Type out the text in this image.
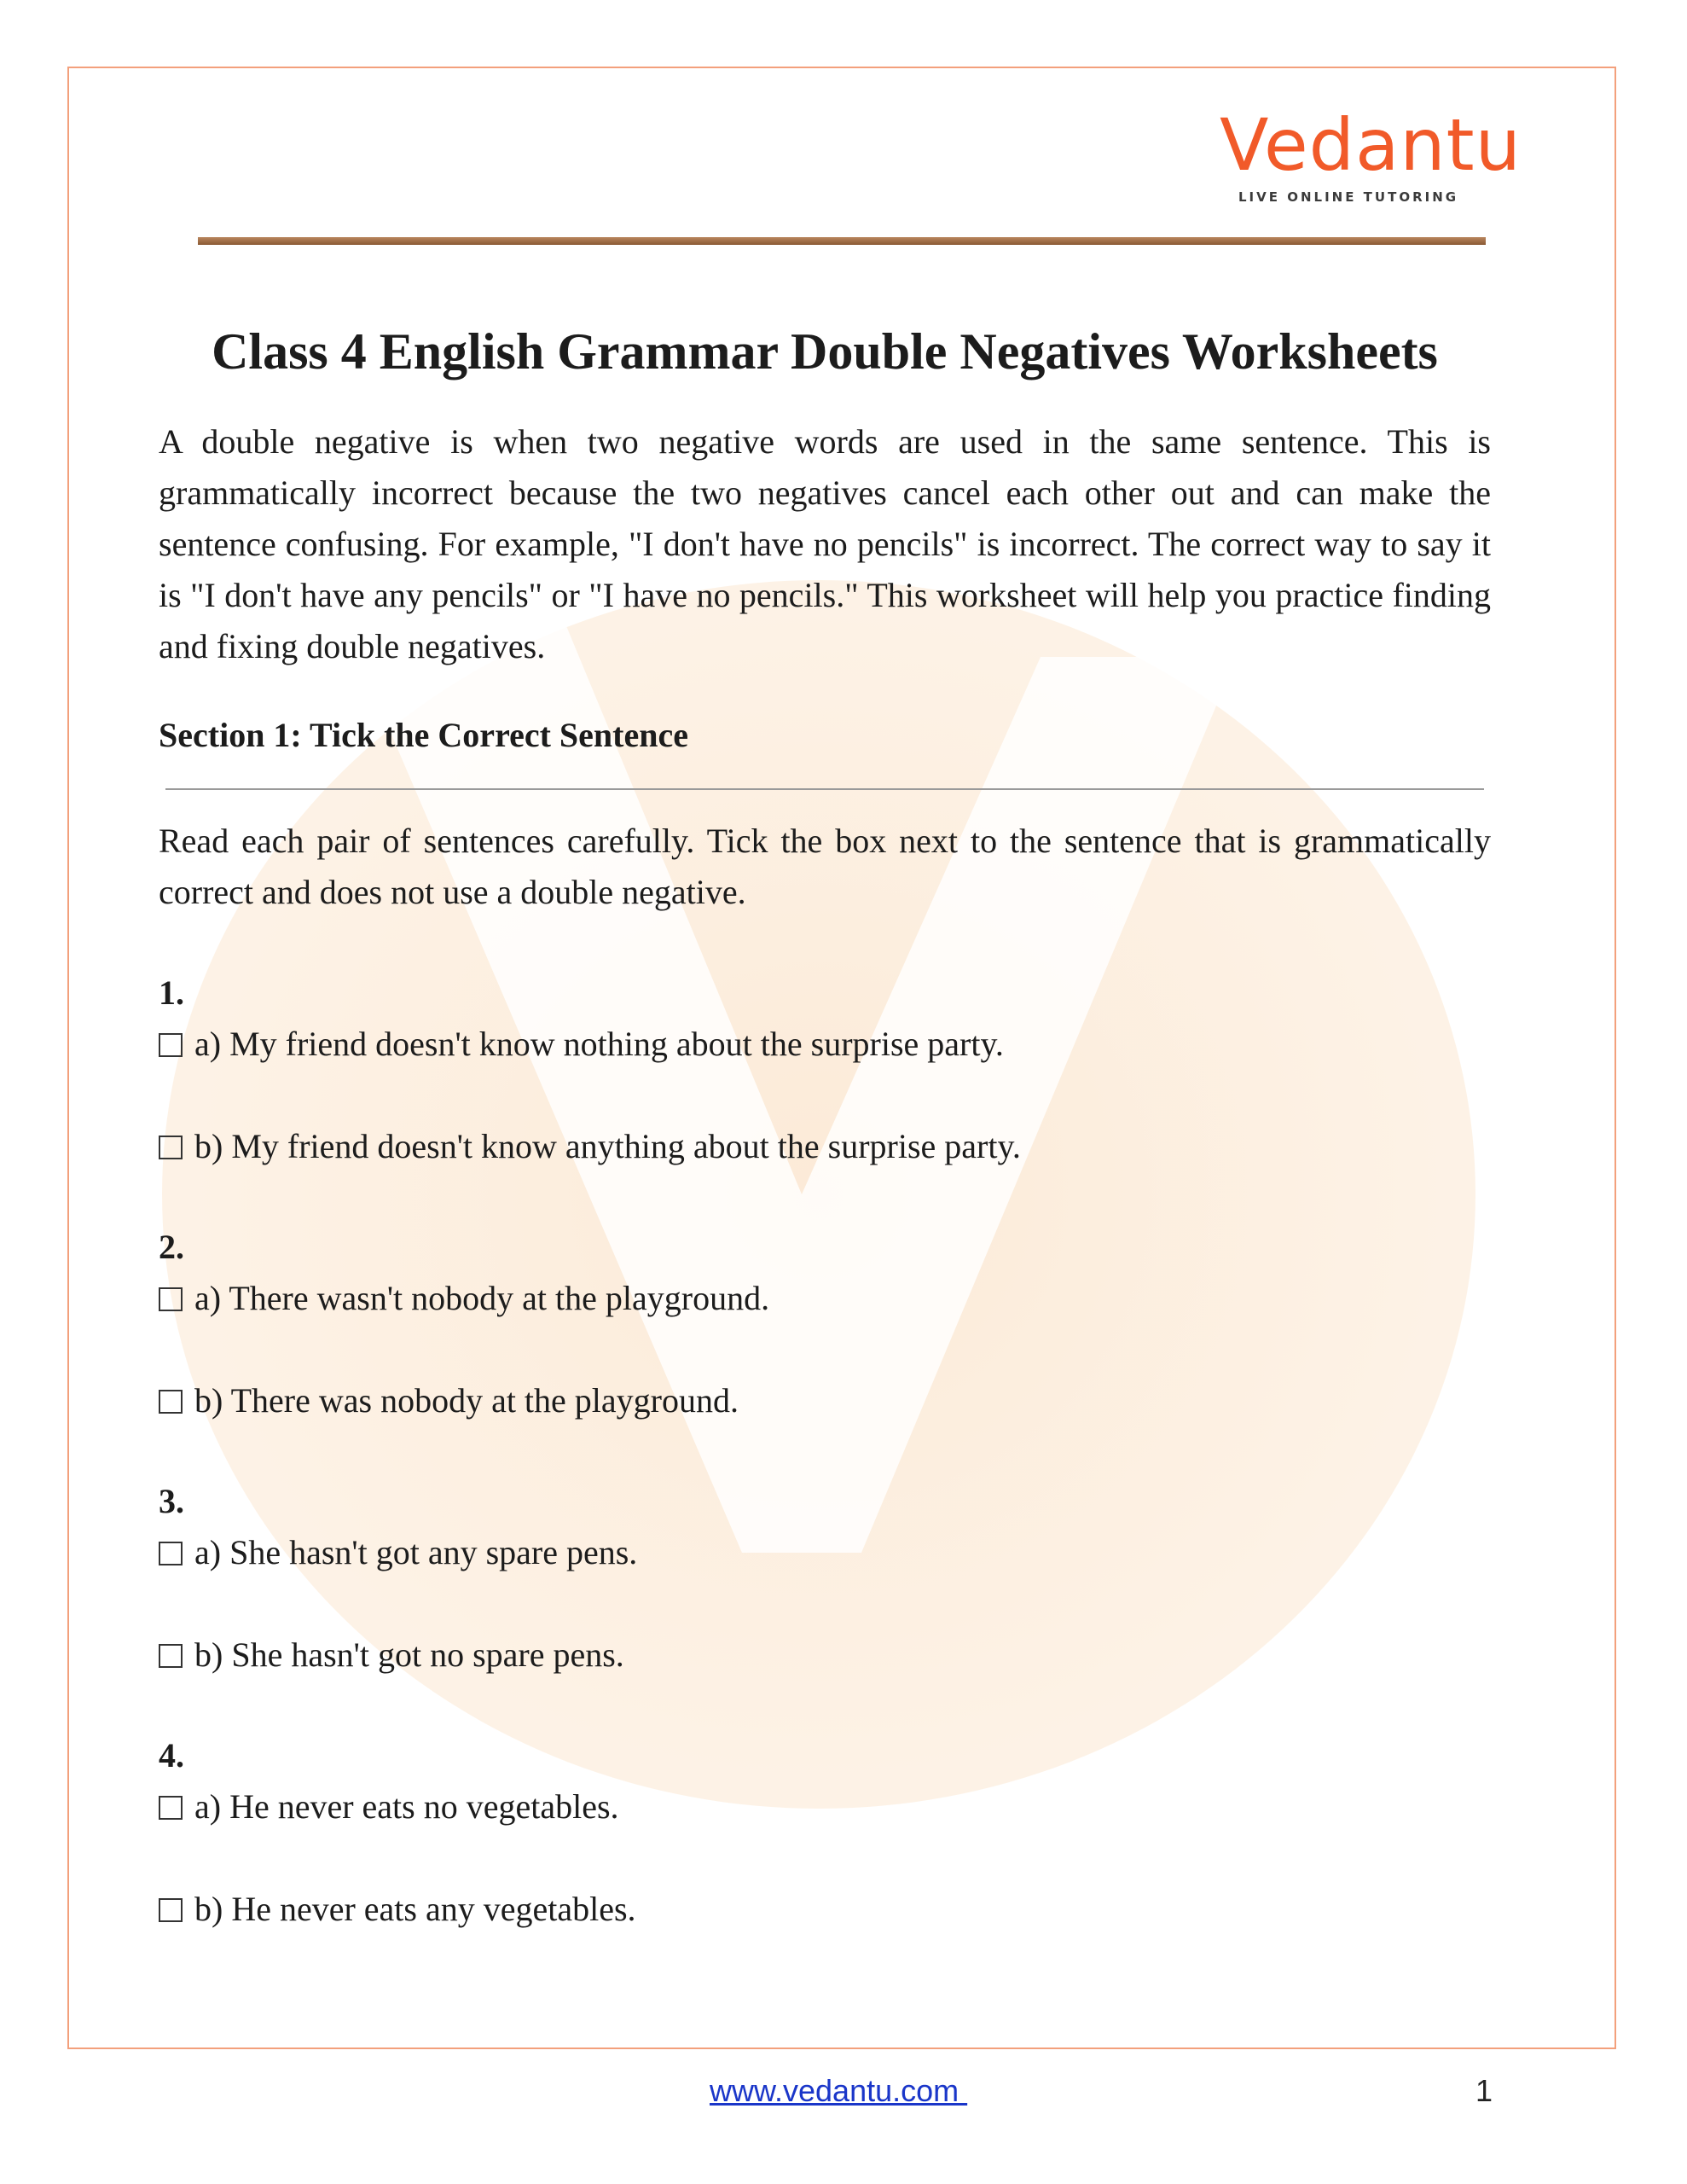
Vedantu
LIVE ONLINE TUTORING
Class 4 English Grammar Double Negatives Worksheets

A double negative is when two negative words are used in the same sentence. This is grammatically incorrect because the two negatives cancel each other out and can make the sentence confusing. For example, "I don't have no pencils" is incorrect. The correct way to say it is "I don't have any pencils" or "I have no pencils." This worksheet will help you practice finding and fixing double negatives.

Section 1: Tick the Correct Sentence

Read each pair of sentences carefully. Tick the box next to the sentence that is grammatically correct and does not use a double negative.

1.
a) My friend doesn't know nothing about the surprise party.
b) My friend doesn't know anything about the surprise party.
2.
a) There wasn't nobody at the playground.
b) There was nobody at the playground.
3.
a) She hasn't got any spare pens.
b) She hasn't got no spare pens.
4.
a) He never eats no vegetables.
b) He never eats any vegetables.
www.vedantu.com	1
